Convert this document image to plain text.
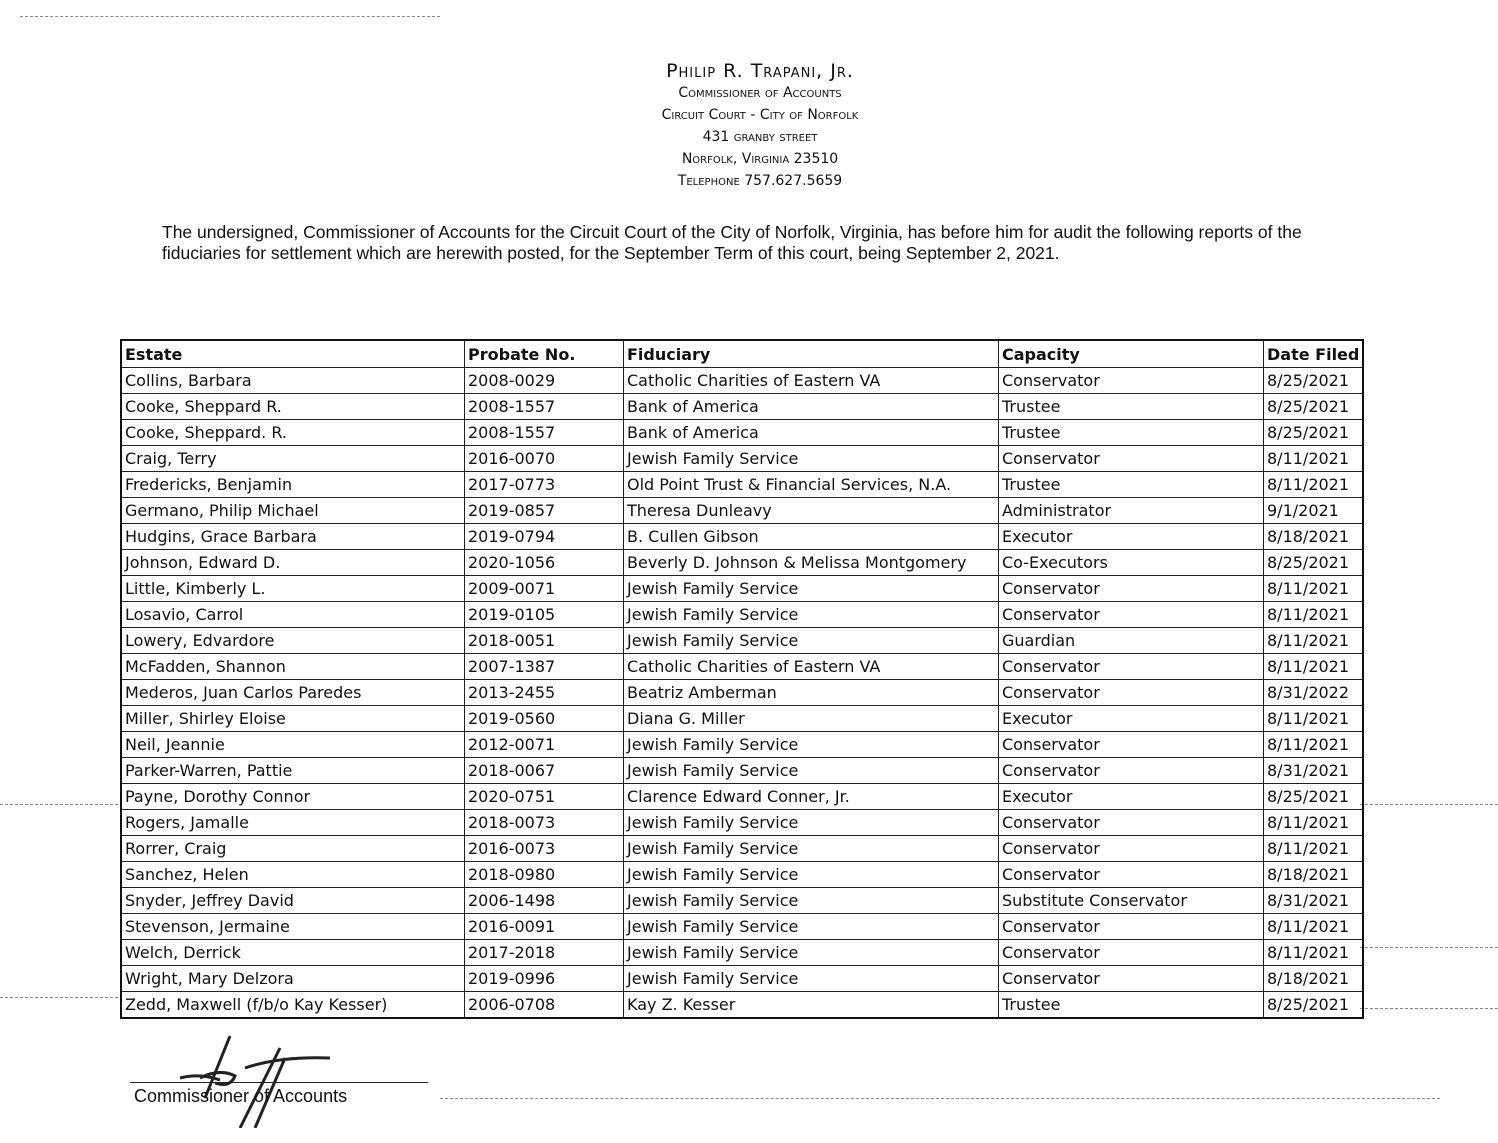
Philip R. Trapani, Jr.
Commissioner of Accounts
Circuit Court - City of Norfolk
431 granby street
Norfolk, Virginia 23510
Telephone 757.627.5659
The undersigned, Commissioner of Accounts for the Circuit Court of the City of Norfolk, Virginia, has before him for audit the following reports of the fiduciaries for settlement which are herewith posted, for the September Term of this court, being September 2, 2021.
Estate	Probate No.	Fiduciary	Capacity	Date Filed
Collins, Barbara	2008-0029	Catholic Charities of Eastern VA	Conservator	8/25/2021
Cooke, Sheppard R.	2008-1557	Bank of America	Trustee	8/25/2021
Cooke, Sheppard. R.	2008-1557	Bank of America	Trustee	8/25/2021
Craig, Terry	2016-0070	Jewish Family Service	Conservator	8/11/2021
Fredericks, Benjamin	2017-0773	Old Point Trust & Financial Services, N.A.	Trustee	8/11/2021
Germano, Philip Michael	2019-0857	Theresa Dunleavy	Administrator	9/1/2021
Hudgins, Grace Barbara	2019-0794	B. Cullen Gibson	Executor	8/18/2021
Johnson, Edward D.	2020-1056	Beverly D. Johnson & Melissa Montgomery	Co-Executors	8/25/2021
Little, Kimberly L.	2009-0071	Jewish Family Service	Conservator	8/11/2021
Losavio, Carrol	2019-0105	Jewish Family Service	Conservator	8/11/2021
Lowery, Edvardore	2018-0051	Jewish Family Service	Guardian	8/11/2021
McFadden, Shannon	2007-1387	Catholic Charities of Eastern VA	Conservator	8/11/2021
Mederos, Juan Carlos Paredes	2013-2455	Beatriz Amberman	Conservator	8/31/2022
Miller, Shirley Eloise	2019-0560	Diana G. Miller	Executor	8/11/2021
Neil, Jeannie	2012-0071	Jewish Family Service	Conservator	8/11/2021
Parker-Warren, Pattie	2018-0067	Jewish Family Service	Conservator	8/31/2021
Payne, Dorothy Connor	2020-0751	Clarence Edward Conner, Jr.	Executor	8/25/2021
Rogers, Jamalle	2018-0073	Jewish Family Service	Conservator	8/11/2021
Rorrer, Craig	2016-0073	Jewish Family Service	Conservator	8/11/2021
Sanchez, Helen	2018-0980	Jewish Family Service	Conservator	8/18/2021
Snyder, Jeffrey David	2006-1498	Jewish Family Service	Substitute Conservator	8/31/2021
Stevenson, Jermaine	2016-0091	Jewish Family Service	Conservator	8/11/2021
Welch, Derrick	2017-2018	Jewish Family Service	Conservator	8/11/2021
Wright, Mary Delzora	2019-0996	Jewish Family Service	Conservator	8/18/2021
Zedd, Maxwell (f/b/o Kay Kesser)	2006-0708	Kay Z. Kesser	Trustee	8/25/2021
Commissioner of Accounts
